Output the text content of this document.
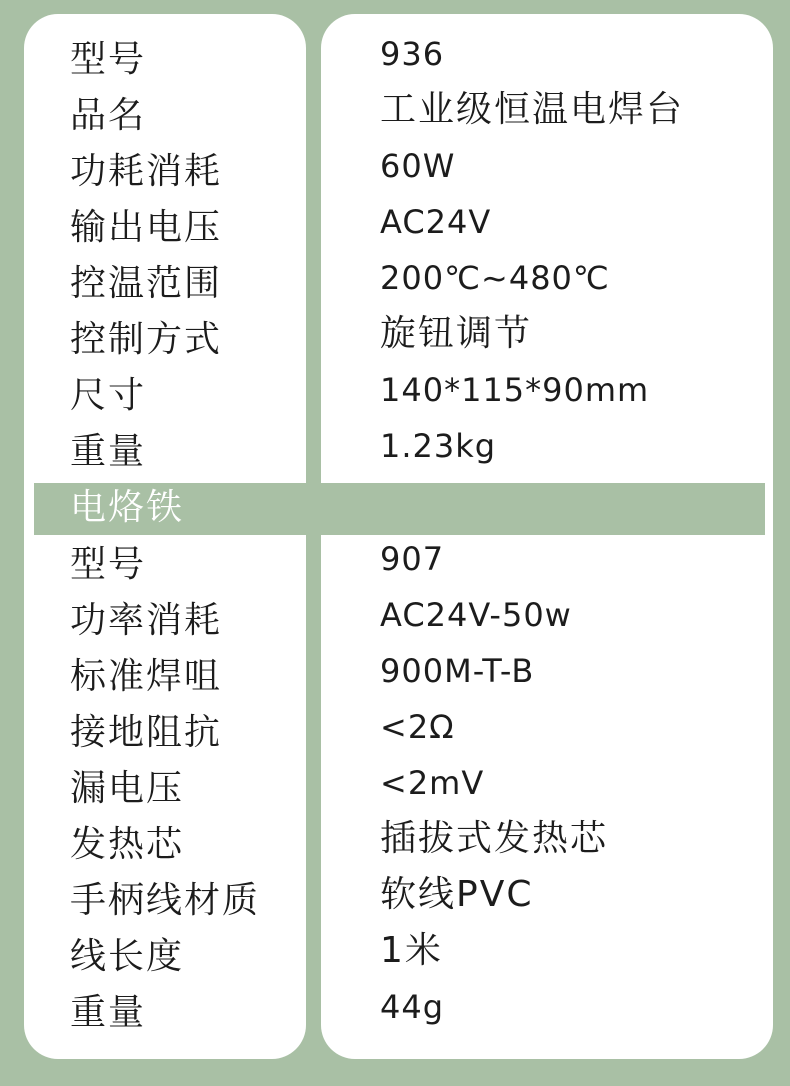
电烙铁
型号
品名
功耗消耗
输出电压
控温范围
控制方式
尺寸
重量
936
工业级恒温电焊台
60W
AC24V
200℃~480℃
旋钮调节
140*115*90mm
1.23kg
型号
功率消耗
标准焊咀
接地阻抗
漏电压
发热芯
手柄线材质
线长度
重量
907
AC24V-50w
900M-T-B
<2Ω
<2mV
插拔式发热芯
软线PVC
1米
44g
